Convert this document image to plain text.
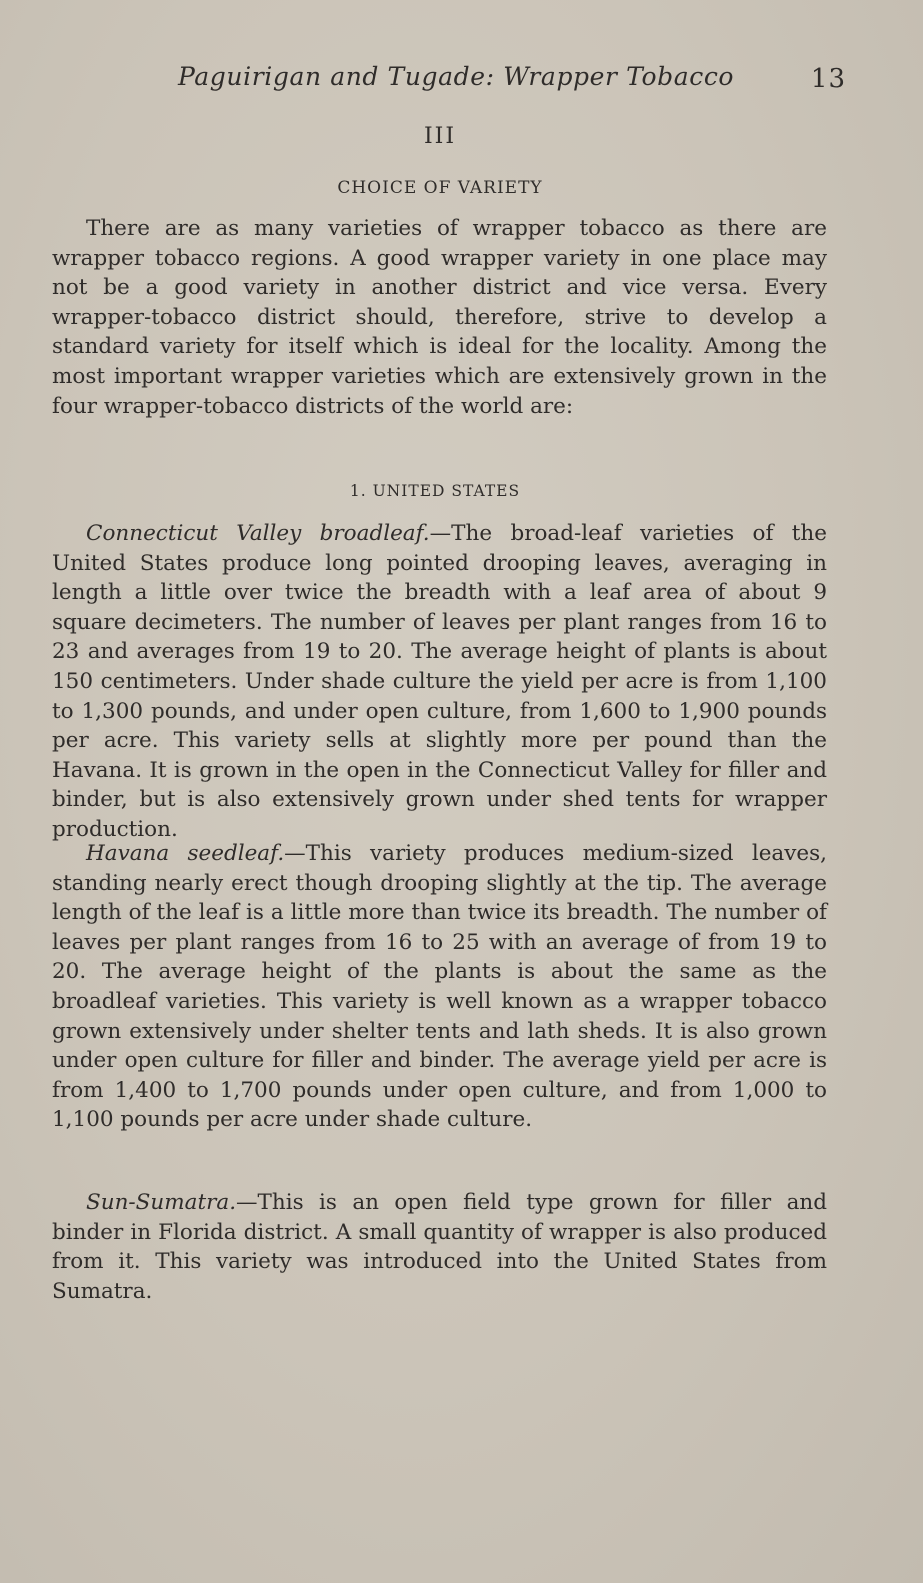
Paguirigan and Tugade: Wrapper Tobacco	13
III
CHOICE OF VARIETY

There are as many varieties of wrapper tobacco as there are wrapper tobacco regions. A good wrapper variety in one place may not be a good variety in another district and vice versa. Every wrapper-tobacco district should, therefore, strive to develop a standard variety for itself which is ideal for the locality. Among the most important wrapper varieties which are extensively grown in the four wrapper-tobacco districts of the world are:

1. UNITED STATES

Connecticut Valley broadleaf.—The broad-leaf varieties of the United States produce long pointed drooping leaves, averaging in length a little over twice the breadth with a leaf area of about 9 square decimeters. The number of leaves per plant ranges from 16 to 23 and averages from 19 to 20. The average height of plants is about 150 centimeters. Under shade culture the yield per acre is from 1,100 to 1,300 pounds, and under open culture, from 1,600 to 1,900 pounds per acre. This variety sells at slightly more per pound than the Havana. It is grown in the open in the Connecticut Valley for filler and binder, but is also extensively grown under shed tents for wrapper production.

Havana seedleaf.—This variety produces medium-sized leaves, standing nearly erect though drooping slightly at the tip. The average length of the leaf is a little more than twice its breadth. The number of leaves per plant ranges from 16 to 25 with an average of from 19 to 20. The average height of the plants is about the same as the broadleaf varieties. This variety is well known as a wrapper tobacco grown extensively under shelter tents and lath sheds. It is also grown under open culture for filler and binder. The average yield per acre is from 1,400 to 1,700 pounds under open culture, and from 1,000 to 1,100 pounds per acre under shade culture.

Sun-Sumatra.—This is an open field type grown for filler and binder in Florida district. A small quantity of wrapper is also produced from it. This variety was introduced into the United States from Sumatra.
